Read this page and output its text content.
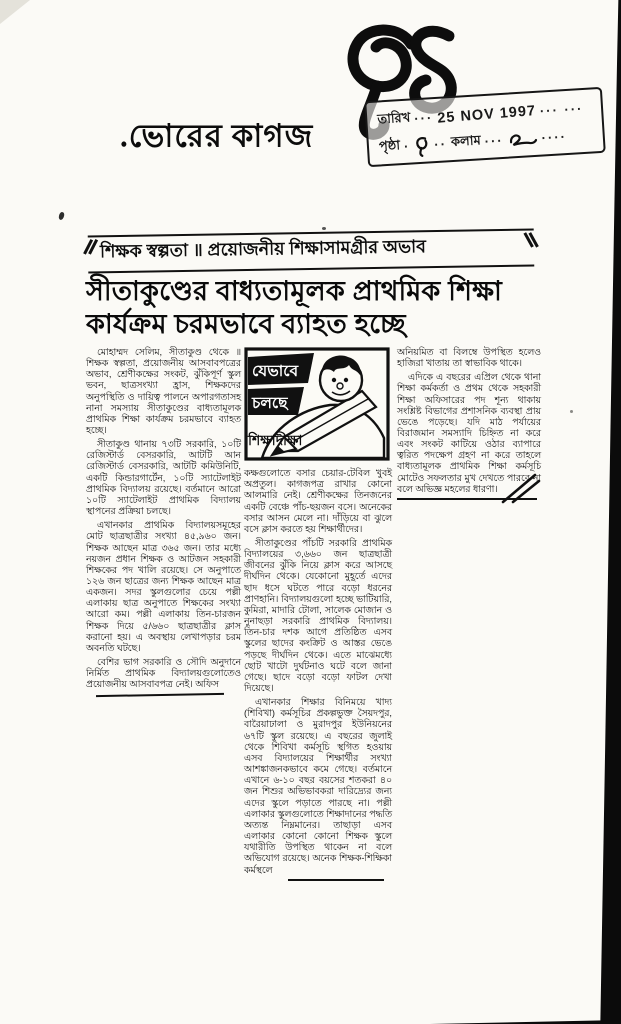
তারিখ ··· 25 NOV 1997 ··· ···
পৃষ্ঠা · ·· কলাম ···	····
.ভোরের কাগজ
শিক্ষক স্বল্পতা ॥ প্রয়োজনীয় শিক্ষাসামগ্রীর অভাব
সীতাকুণ্ডের বাধ্যতামূলক প্রাথমিক শিক্ষা
কার্যক্রম চরমভাবে ব্যাহত হচ্ছে

মোহাম্মদ সেলিম, সীতাকুণ্ড থেকে ॥ শিক্ষক স্বল্পতা, প্রয়োজনীয় আসবাবপত্রের অভাব, শ্রেণীকক্ষের সংকট, ঝুঁকিপূর্ণ স্কুল ভবন, ছাত্রসংখ্যা হ্রাস, শিক্ষকদের অনুপস্থিতি ও দায়িত্ব পালনে অপারগতাসহ নানা সমস্যায় সীতাকুণ্ডের বাধ্যতামূলক প্রাথমিক শিক্ষা কার্যক্রম চরমভাবে ব্যাহত হচ্ছে।

সীতাকুণ্ড থানায় ৭৩টি সরকারি, ১০টি রেজিস্টার্ড বেসরকারি, আটটি আন রেজিস্টার্ড বেসরকারি, আটটি কমিউনিটি, একটি কিন্ডারগার্টেন, ১০টি স্যাটেলাইট প্রাথমিক বিদ্যালয় রয়েছে। বর্তমানে আরো ১০টি স্যাটেলাইট প্রাথমিক বিদ্যালয় স্থাপনের প্রক্রিয়া চলছে।

এখানকার প্রাথমিক বিদ্যালয়সমূহের মোট ছাত্রছাত্রীর সংখ্যা ৪৫,৯৬০ জন। শিক্ষক আছেন মাত্র ৩৬৫ জন। তার মধ্যে নয়জন প্রধান শিক্ষক ও আটজন সহকারী শিক্ষকের পদ খালি রয়েছে। সে অনুপাতে ১২৬ জন ছাত্রের জন্য শিক্ষক আছেন মাত্র একজন। সদর স্কুলগুলোর চেয়ে পল্লী এলাকায় ছাত্র অনুপাতে শিক্ষকের সংখ্যা আরো কম। পল্লী এলাকায় তিন-চারজন শিক্ষক দিয়ে ৫/৬৬০ ছাত্রছাত্রীর ক্লাস করানো হয়। এ অবস্থায় লেখাপড়ার চরম অবনতি ঘটছে।

বেশির ভাগ সরকারি ও সৌদি অনুদানে নির্মিত প্রাথমিক বিদ্যালয়গুলোতেও প্রয়োজনীয় আসবাবপত্র নেই। অফিস

যেভাবে
চলছে
শিক্ষাদীক্ষা

কক্ষগুলোতে বসার চেয়ার-টেবিল খুবই অপ্রতুল। কাগজপত্র রাখার কোনো আলমারি নেই। শ্রেণীকক্ষের তিনজনের একটি বেঞ্চে পাঁচ-ছয়জন বসে। অনেকের বসার আসন মেলে না। দাঁড়িয়ে বা ঝুলে বসে ক্লাস করতে হয় শিক্ষার্থীদের।

সীতাকুণ্ডের পাঁচটি সরকারি প্রাথমিক বিদ্যালয়ের ৩,৬৬০ জন ছাত্রছাত্রী জীবনের ঝুঁকি নিয়ে ক্লাস করে আসছে দীর্ঘদিন থেকে। যেকোনো মুহূর্তে এদের ছাদ ধসে ঘটতে পারে বড়ো ধরনের প্রাণহানি। বিদ্যালয়গুলো হচ্ছে ভাটিয়ারি, কুমিরা, মাদারি টোলা, সালেক মোজান ও নুনাছড়া সরকারি প্রাথমিক বিদ্যালয়। তিন-চার দশক আগে প্রতিষ্ঠিত এসব স্কুলের ছাদের কংক্রিট ও আস্তর ভেঙে পড়ছে দীর্ঘদিন থেকে। এতে মাঝেমধ্যে ছোট খাটো দুর্ঘটনাও ঘটে বলে জানা গেছে। ছাদে বড়ো বড়ো ফাটল দেখা দিয়েছে।

এখানকার শিক্ষার বিনিময়ে খাদ্য (শিবিখা) কর্মসূচির প্রকল্পভুক্ত সৈয়দপুর, বারৈয়াঢালা ও মুরাদপুর ইউনিয়নের ৬৭টি স্কুল রয়েছে। এ বছরের জুলাই থেকে শিবিখা কর্মসূচি স্থগিত হওয়ায় এসব বিদ্যালয়ের শিক্ষার্থীর সংখ্যা আশঙ্কাজনকভাবে কমে গেছে। বর্তমানে এখানে ৬-১০ বছর বয়সের শতকরা ৪০ জন শিশুর অভিভাবকরা দারিদ্র্যের জন্য এদের স্কুলে পড়াতে পারছে না। পল্লী এলাকার স্কুলগুলোতে শিক্ষাদানের পদ্ধতি অত্যন্ত নিম্নমানের। তাছাড়া এসব এলাকার কোনো কোনো শিক্ষক স্কুলে যথারীতি উপস্থিত থাকেন না বলে অভিযোগ রয়েছে। অনেক শিক্ষক-শিক্ষিকা কর্মস্থলে

অনিয়মিত বা বিলম্বে উপস্থিত হলেও হাজিরা খাতায় তা স্বাভাবিক থাকে।

এদিকে এ বছরের এপ্রিল থেকে থানা শিক্ষা কর্মকর্তা ও প্রথম থেকে সহকারী শিক্ষা অফিসারের পদ শূন্য থাকায় সংশ্লিষ্ট বিভাগের প্রশাসনিক ব্যবস্থা প্রায় ভেঙে পড়েছে। যদি মাঠ পর্যায়ের বিরাজমান সমস্যাদি চিহ্নিত না করে এবং সংকট কাটিয়ে ওঠার ব্যাপারে ত্বরিত পদক্ষেপ গ্রহণ না করে তাহলে বাধ্যতামূলক প্রাথমিক শিক্ষা কর্মসূচি মোটেও সফলতার মুখ দেখতে পারবে না বলে অভিজ্ঞ মহলের ধারণা।
